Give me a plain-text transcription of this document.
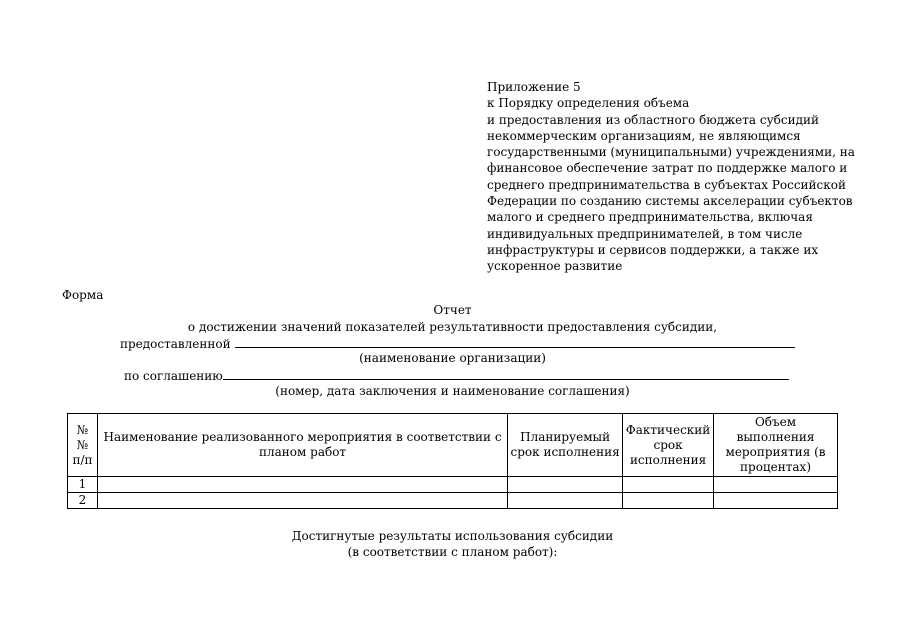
Приложение 5
к Порядку определения объема
и предоставления из областного бюджета субсидий
некоммерческим организациям, не являющимся
государственными (муниципальными) учреждениями, на
финансовое обеспечение затрат по поддержке малого и
среднего предпринимательства в субъектах Российской
Федерации по созданию системы акселерации субъектов
малого и среднего предпринимательства, включая
индивидуальных предпринимателей, в том числе
инфраструктуры и сервисов поддержки, а также их
ускоренное развитие
Форма
Отчет
о достижении значений показателей результативности предоставления субсидии,
предоставленной
(наименование организации)
по соглашению
(номер, дата заключения и наименование соглашения)
№ № п/п	Наименование реализованного мероприятия в соответствии с планом работ	Планируемый срок исполнения	Фактический срок исполнения	Объем выполнения мероприятия (в процентах)
1				
2				
Достигнутые результаты использования субсидии
(в соответствии с планом работ):
